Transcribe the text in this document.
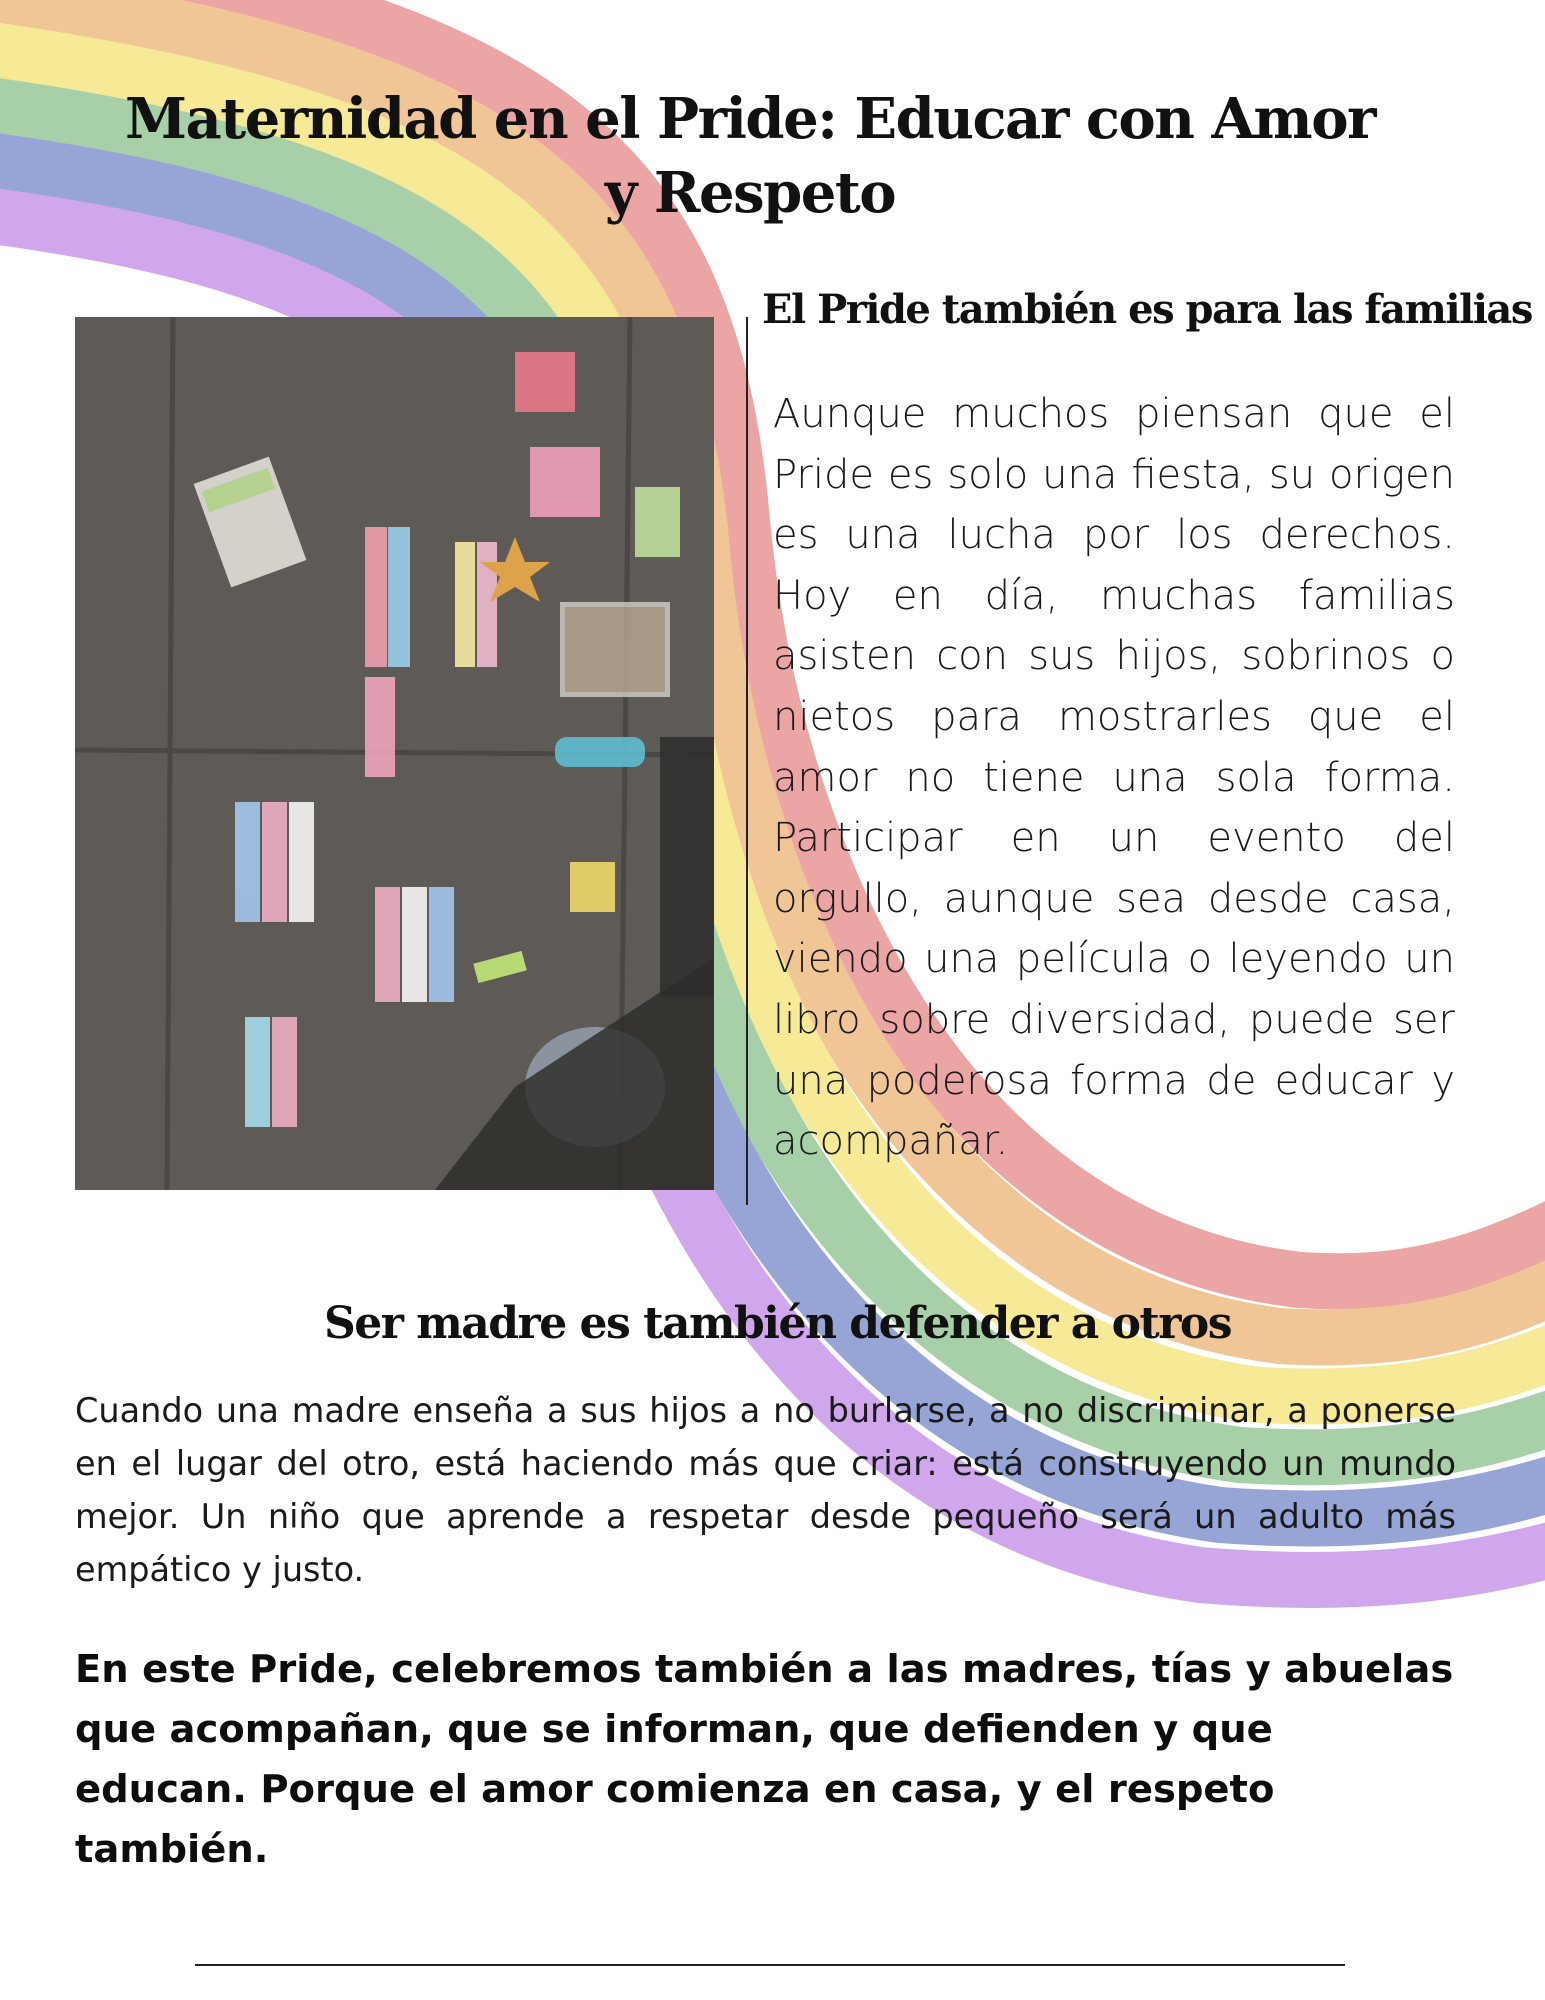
Maternidad en el Pride: Educar con Amor y Respeto
El Pride también es para las familias

Aunque muchos piensan que el Pride es solo una fiesta, su origen es una lucha por los derechos. Hoy en día, muchas familias asisten con sus hijos, sobrinos o nietos para mostrarles que el amor no tiene una sola forma. Participar en un evento del orgullo, aunque sea desde casa, viendo una película o leyendo un libro sobre diversidad, puede ser una poderosa forma de educar y acompañar.

Ser madre es también defender a otros

Cuando una madre enseña a sus hijos a no burlarse, a no discriminar, a ponerse en el lugar del otro, está haciendo más que criar: está construyendo un mundo mejor. Un niño que aprende a respetar desde pequeño será un adulto más empático y justo.

En este Pride, celebremos también a las madres, tías y abuelas que acompañan, que se informan, que defienden y que educan. Porque el amor comienza en casa, y el respeto también.
